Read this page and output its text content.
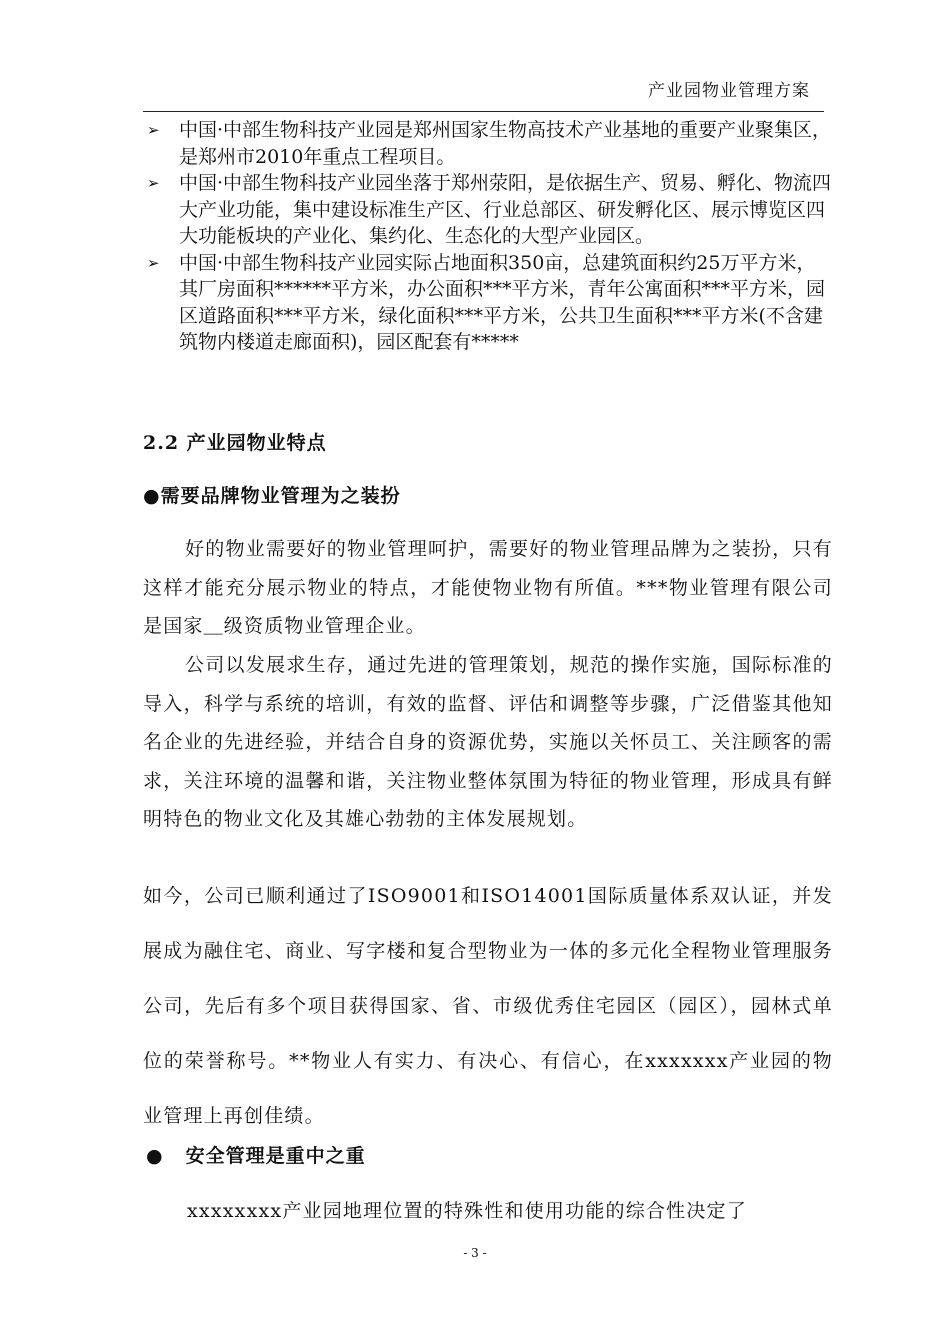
产业园物业管理方案
➢ 中国·中部生物科技产业园是郑州国家生物高技术产业基地的重要产业聚集区，是郑州市2010年重点工程项目。
➢ 中国·中部生物科技产业园坐落于郑州荥阳，是依据生产、贸易、孵化、物流四大产业功能，集中建设标准生产区、行业总部区、研发孵化区、展示博览区四大功能板块的产业化、集约化、生态化的大型产业园区。
➢ 中国·中部生物科技产业园实际占地面积350亩，总建筑面积约25万平方米，其厂房面积******平方米，办公面积***平方米，青年公寓面积***平方米，园区道路面积***平方米，绿化面积***平方米，公共卫生面积***平方米(不含建筑物内楼道走廊面积)，园区配套有*****
2.2 产业园物业特点
●需要品牌物业管理为之装扮
好的物业需要好的物业管理呵护，需要好的物业管理品牌为之装扮，只有这样才能充分展示物业的特点，才能使物业物有所值。***物业管理有限公司是国家＿级资质物业管理企业。
公司以发展求生存，通过先进的管理策划，规范的操作实施，国际标准的导入，科学与系统的培训，有效的监督、评估和调整等步骤，广泛借鉴其他知名企业的先进经验，并结合自身的资源优势，实施以关怀员工、关注顾客的需求，关注环境的温馨和谐，关注物业整体氛围为特征的物业管理，形成具有鲜明特色的物业文化及其雄心勃勃的主体发展规划。
如今，公司已顺利通过了ISO9001和ISO14001国际质量体系双认证，并发展成为融住宅、商业、写字楼和复合型物业为一体的多元化全程物业管理服务公司，先后有多个项目获得国家、省、市级优秀住宅园区（园区），园林式单位的荣誉称号。**物业人有实力、有决心、有信心，在xxxxxxx产业园的物业管理上再创佳绩。
● 安全管理是重中之重
xxxxxxxx产业园地理位置的特殊性和使用功能的综合性决定了
- 3 -
